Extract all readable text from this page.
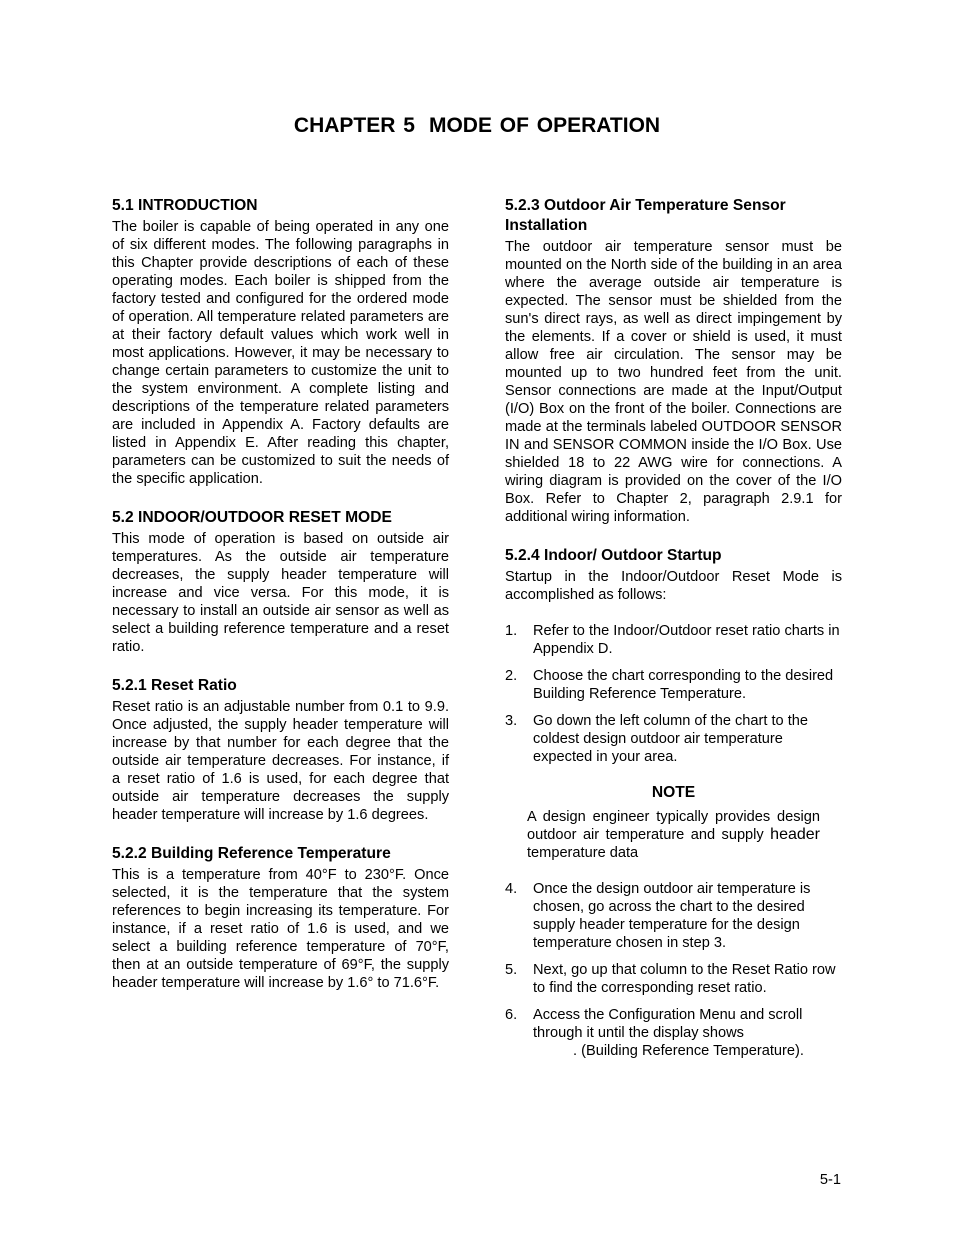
CHAPTER 5 MODE OF OPERATION
5.1 INTRODUCTION

The boiler is capable of being operated in any one of six different modes. The following paragraphs in this Chapter provide descriptions of each of these operating modes. Each boiler is shipped from the factory tested and configured for the ordered mode of operation. All temperature related parameters are at their factory default values which work well in most applications. However, it may be necessary to change certain parameters to customize the unit to the system environment. A complete listing and descriptions of the temperature related parameters are included in Appendix A. Factory defaults are listed in Appendix E. After reading this chapter, parameters can be customized to suit the needs of the specific application.

5.2 INDOOR/OUTDOOR RESET MODE

This mode of operation is based on outside air temperatures. As the outside air temperature decreases, the supply header temperature will increase and vice versa. For this mode, it is necessary to install an outside air sensor as well as select a building reference temperature and a reset ratio.

5.2.1 Reset Ratio

Reset ratio is an adjustable number from 0.1 to 9.9. Once adjusted, the supply header temperature will increase by that number for each degree that the outside air temperature decreases. For instance, if a reset ratio of 1.6 is used, for each degree that outside air temperature decreases the supply header temperature will increase by 1.6 degrees.

5.2.2 Building Reference Temperature

This is a temperature from 40°F to 230°F. Once selected, it is the temperature that the system references to begin increasing its temperature. For instance, if a reset ratio of 1.6 is used, and we select a building reference temperature of 70°F, then at an outside temperature of 69°F, the supply header temperature will increase by 1.6° to 71.6°F.

5.2.3 Outdoor Air Temperature Sensor Installation

The outdoor air temperature sensor must be mounted on the North side of the building in an area where the average outside air temperature is expected. The sensor must be shielded from the sun's direct rays, as well as direct impingement by the elements. If a cover or shield is used, it must allow free air circulation. The sensor may be mounted up to two hundred feet from the unit. Sensor connections are made at the Input/Output (I/O) Box on the front of the boiler. Connections are made at the terminals labeled OUTDOOR SENSOR IN and SENSOR COMMON inside the I/O Box. Use shielded 18 to 22 AWG wire for connections. A wiring diagram is provided on the cover of the I/O Box. Refer to Chapter 2, paragraph 2.9.1 for additional wiring information.

5.2.4 Indoor/ Outdoor Startup

Startup in the Indoor/Outdoor Reset Mode is accomplished as follows:

1. Refer to the Indoor/Outdoor reset ratio charts in Appendix D.
2. Choose the chart corresponding to the desired Building Reference Temperature.
3. Go down the left column of the chart to the coldest design outdoor air temperature expected in your area.
NOTE

A design engineer typically provides design outdoor air temperature and supply header temperature data

4. Once the design outdoor air temperature is chosen, go across the chart to the desired supply header temperature for the design temperature chosen in step 3.
5. Next, go up that column to the Reset Ratio row to find the corresponding reset ratio.
6. Access the Configuration Menu and scroll through it until the display shows
. (Building Reference Temperature).
5-1
